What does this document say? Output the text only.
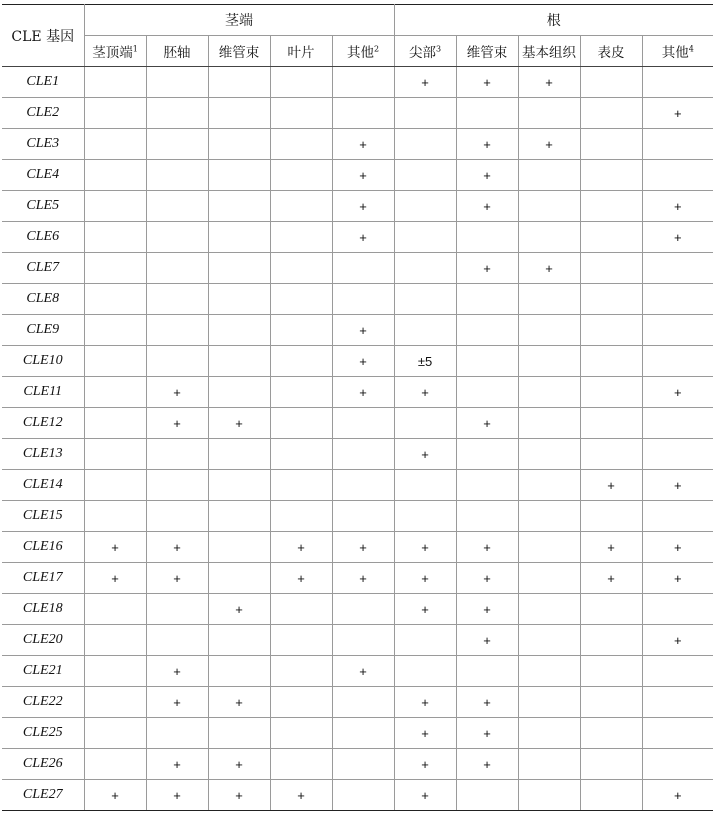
CLE 基因	茎端					根				
	茎顶端$^1$	胚轴	维管束	叶片	其他$^2$	尖部$^3$	维管束	基本组织	表皮	其他$^4$
CLE1						+	+	+		
CLE2										+
CLE3					+		+	+		
CLE4					+		+			
CLE5					+		+			+
CLE6					+					+
CLE7							+	+		
CLE8										
CLE9					+					
CLE10					+	±5				
CLE11		+			+	+				+
CLE12		+	+				+			
CLE13						+				
CLE14									+	+
CLE15										
CLE16	+	+		+	+	+	+		+	+
CLE17	+	+		+	+	+	+		+	+
CLE18			+			+	+			
CLE20							+			+
CLE21		+			+					
CLE22		+	+			+	+			
CLE25						+	+			
CLE26		+	+			+	+			
CLE27	+	+	+	+		+				+
